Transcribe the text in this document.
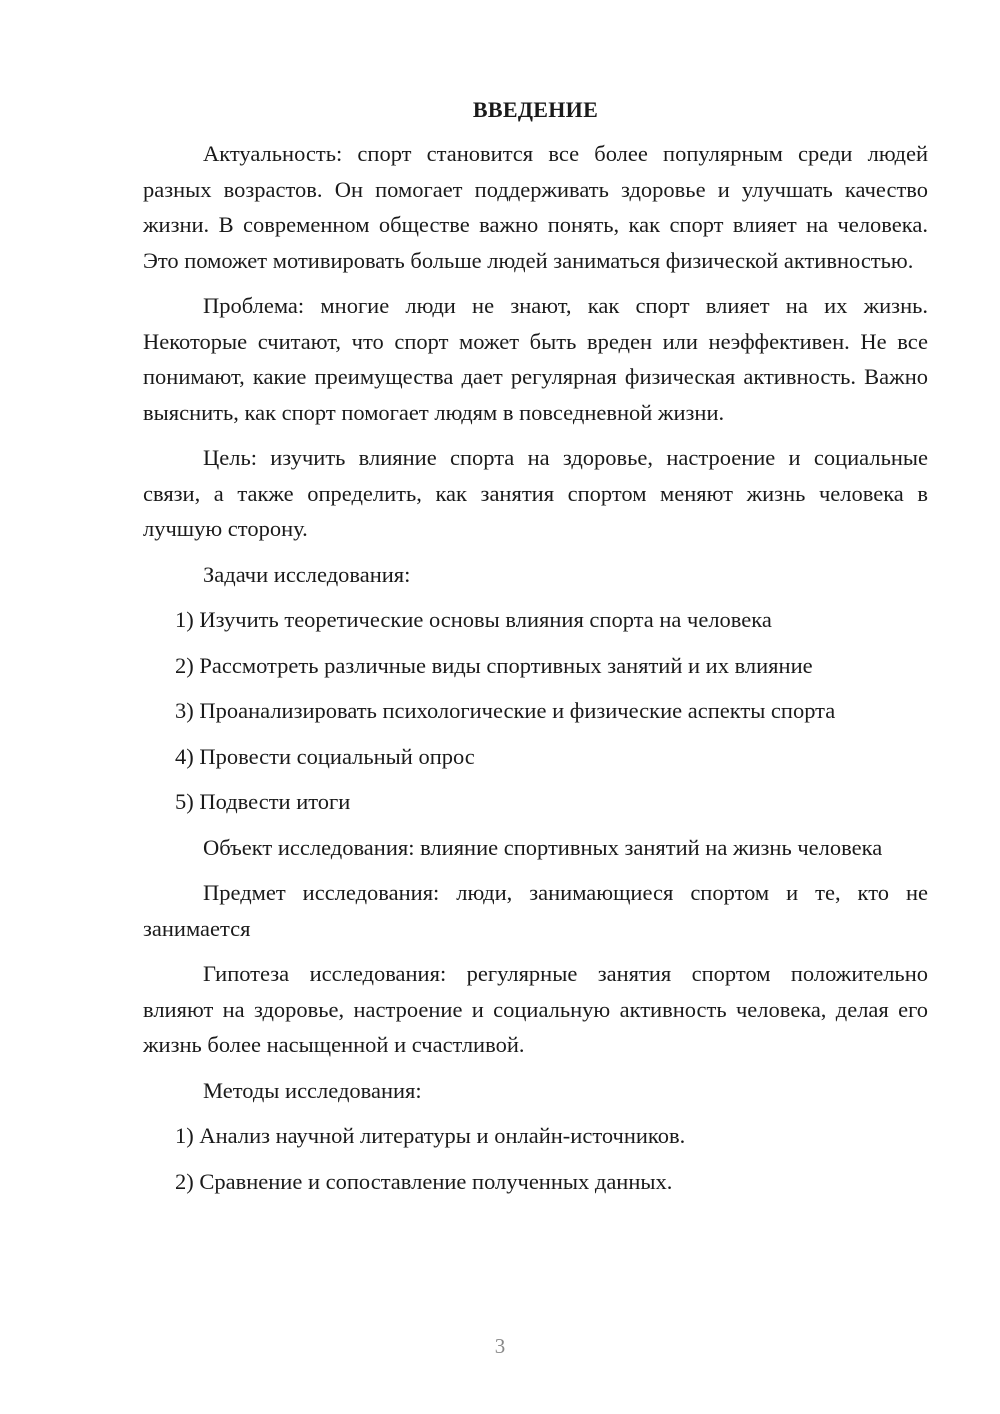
ВВЕДЕНИЕ

Актуальность: спорт становится все более популярным среди людей разных возрастов. Он помогает поддерживать здоровье и улучшать качество жизни. В современном обществе важно понять, как спорт влияет на человека. Это поможет мотивировать больше людей заниматься физической активностью.

Проблема: многие люди не знают, как спорт влияет на их жизнь. Некоторые считают, что спорт может быть вреден или неэффективен. Не все понимают, какие преимущества дает регулярная физическая активность. Важно выяснить, как спорт помогает людям в повседневной жизни.

Цель: изучить влияние спорта на здоровье, настроение и социальные связи, а также определить, как занятия спортом меняют жизнь человека в лучшую сторону.

Задачи исследования:

1) Изучить теоретические основы влияния спорта на человека

2) Рассмотреть различные виды спортивных занятий и их влияние

3) Проанализировать психологические и физические аспекты спорта

4) Провести социальный опрос

5) Подвести итоги

Объект исследования: влияние спортивных занятий на жизнь человека

Предмет исследования: люди, занимающиеся спортом и те, кто не занимается

Гипотеза исследования: регулярные занятия спортом положительно влияют на здоровье, настроение и социальную активность человека, делая его жизнь более насыщенной и счастливой.

Методы исследования:

1) Анализ научной литературы и онлайн-источников.

2) Сравнение и сопоставление полученных данных.

3
